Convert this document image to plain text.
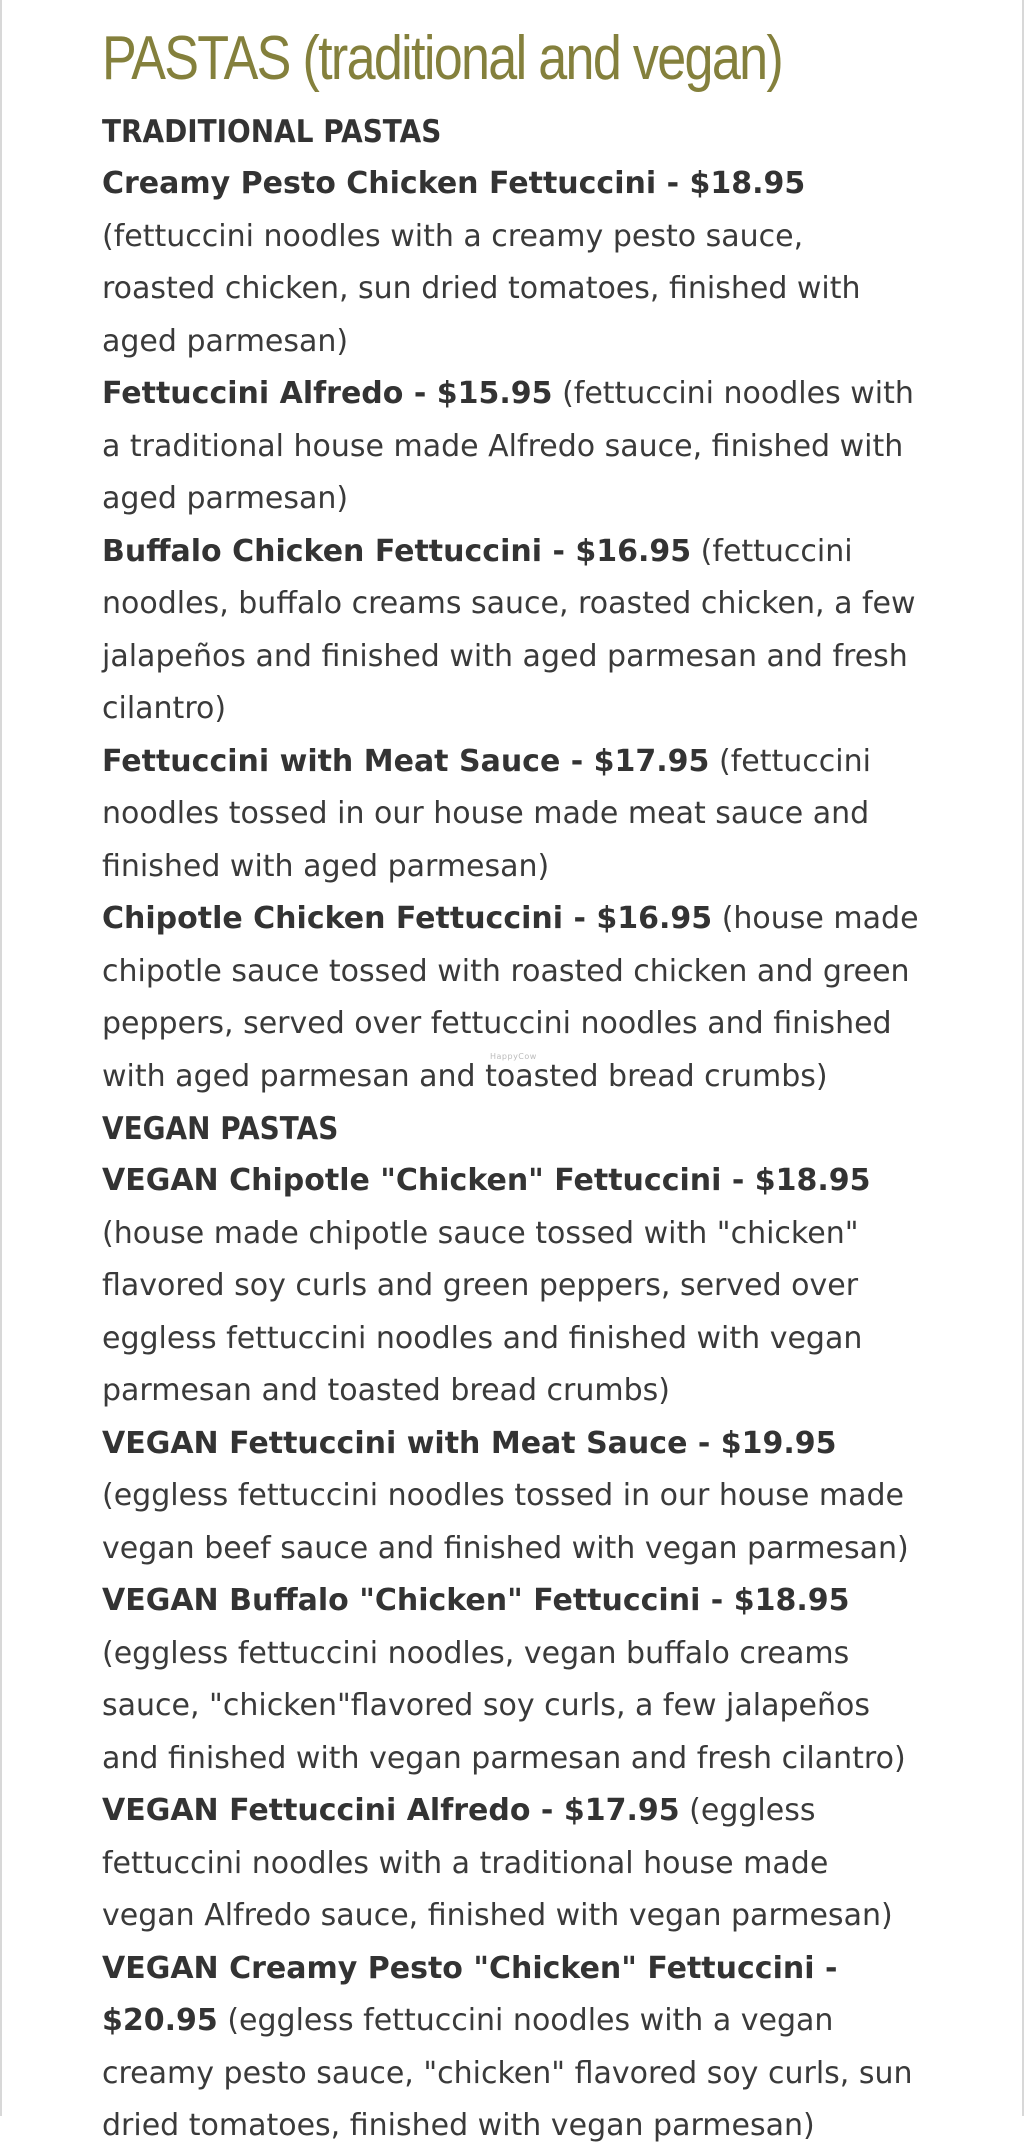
PASTAS (traditional and vegan)
TRADITIONAL PASTAS

Creamy Pesto Chicken Fettuccini - $18.95 (fettuccini noodles with a creamy pesto sauce, roasted chicken, sun dried tomatoes, finished with aged parmesan)

Fettuccini Alfredo - $15.95 (fettuccini noodles with a traditional house made Alfredo sauce, finished with aged parmesan)

Buffalo Chicken Fettuccini - $16.95 (fettuccini noodles, buffalo creams sauce, roasted chicken, a few jalapeños and finished with aged parmesan and fresh cilantro)

Fettuccini with Meat Sauce - $17.95 (fettuccini noodles tossed in our house made meat sauce and finished with aged parmesan)

Chipotle Chicken Fettuccini - $16.95 (house made chipotle sauce tossed with roasted chicken and green peppers, served over fettuccini noodles and finished with aged parmesan and toasted bread crumbs)

VEGAN PASTAS

VEGAN Chipotle "Chicken" Fettuccini - $18.95 (house made chipotle sauce tossed with "chicken" flavored soy curls and green peppers, served over eggless fettuccini noodles and finished with vegan parmesan and toasted bread crumbs)

VEGAN Fettuccini with Meat Sauce - $19.95 (eggless fettuccini noodles tossed in our house made vegan beef sauce and finished with vegan parmesan)

VEGAN Buffalo "Chicken" Fettuccini - $18.95 (eggless fettuccini noodles, vegan buffalo creams sauce, "chicken"flavored soy curls, a few jalapeños and finished with vegan parmesan and fresh cilantro)

VEGAN Fettuccini Alfredo - $17.95 (eggless fettuccini noodles with a traditional house made vegan Alfredo sauce, finished with vegan parmesan)

VEGAN Creamy Pesto "Chicken" Fettuccini - $20.95 (eggless fettuccini noodles with a vegan creamy pesto sauce, "chicken" flavored soy curls, sun dried tomatoes, finished with vegan parmesan)

HappyCow
